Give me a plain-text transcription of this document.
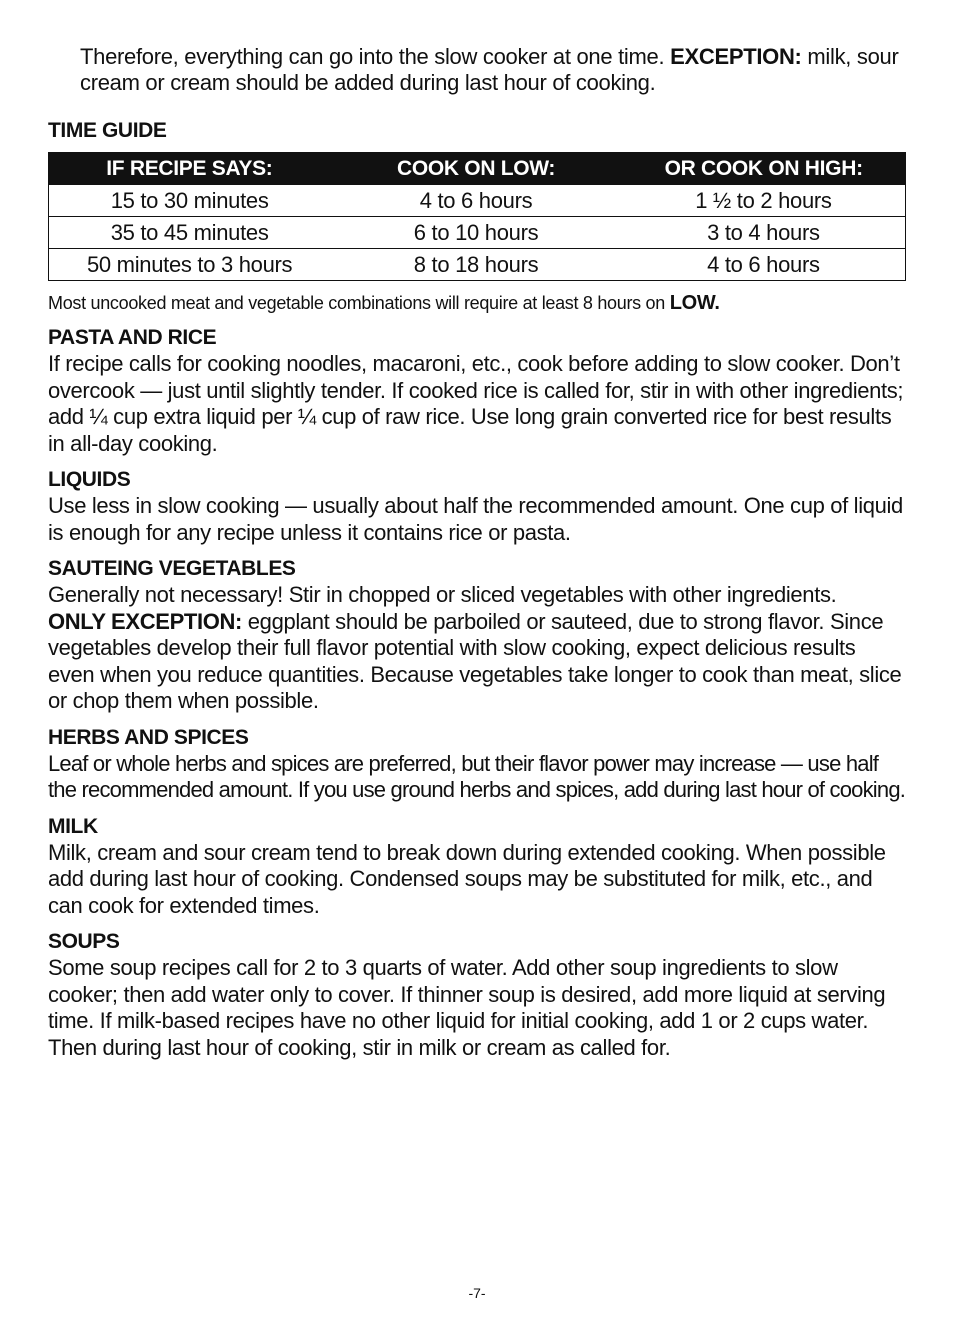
Therefore, everything can go into the slow cooker at one time. EXCEPTION: milk, sour cream or cream should be added during last hour of cooking.

TIME GUIDE
IF RECIPE SAYS:	COOK ON LOW:	OR COOK ON HIGH:
15 to 30 minutes	4 to 6 hours	1 ½ to 2 hours
35 to 45 minutes	6 to 10 hours	3 to 4 hours
50 minutes to 3 hours	8 to 18 hours	4 to 6 hours

Most uncooked meat and vegetable combinations will require at least 8 hours on LOW.

PASTA AND RICE

If recipe calls for cooking noodles, macaroni, etc., cook before adding to slow cooker. Don’t overcook — just until slightly tender. If cooked rice is called for, stir in with other ingredients; add ¼ cup extra liquid per ¼ cup of raw rice. Use long grain converted rice for best results in all-day cooking.

LIQUIDS

Use less in slow cooking — usually about half the recommended amount. One cup of liquid is enough for any recipe unless it contains rice or pasta.

SAUTEING VEGETABLES

Generally not necessary! Stir in chopped or sliced vegetables with other ingredients.
ONLY EXCEPTION: eggplant should be parboiled or sauteed, due to strong flavor. Since vegetables develop their full flavor potential with slow cooking, expect delicious results even when you reduce quantities. Because vegetables take longer to cook than meat, slice or chop them when possible.

HERBS AND SPICES

Leaf or whole herbs and spices are preferred, but their flavor power may increase — use half the recommended amount. If you use ground herbs and spices, add during last hour of cooking.

MILK

Milk, cream and sour cream tend to break down during extended cooking. When possible add during last hour of cooking. Condensed soups may be substituted for milk, etc., and can cook for extended times.

SOUPS

Some soup recipes call for 2 to 3 quarts of water. Add other soup ingredients to slow cooker; then add water only to cover. If thinner soup is desired, add more liquid at serving time. If milk-based recipes have no other liquid for initial cooking, add 1 or 2 cups water. Then during last hour of cooking, stir in milk or cream as called for.

-7-
